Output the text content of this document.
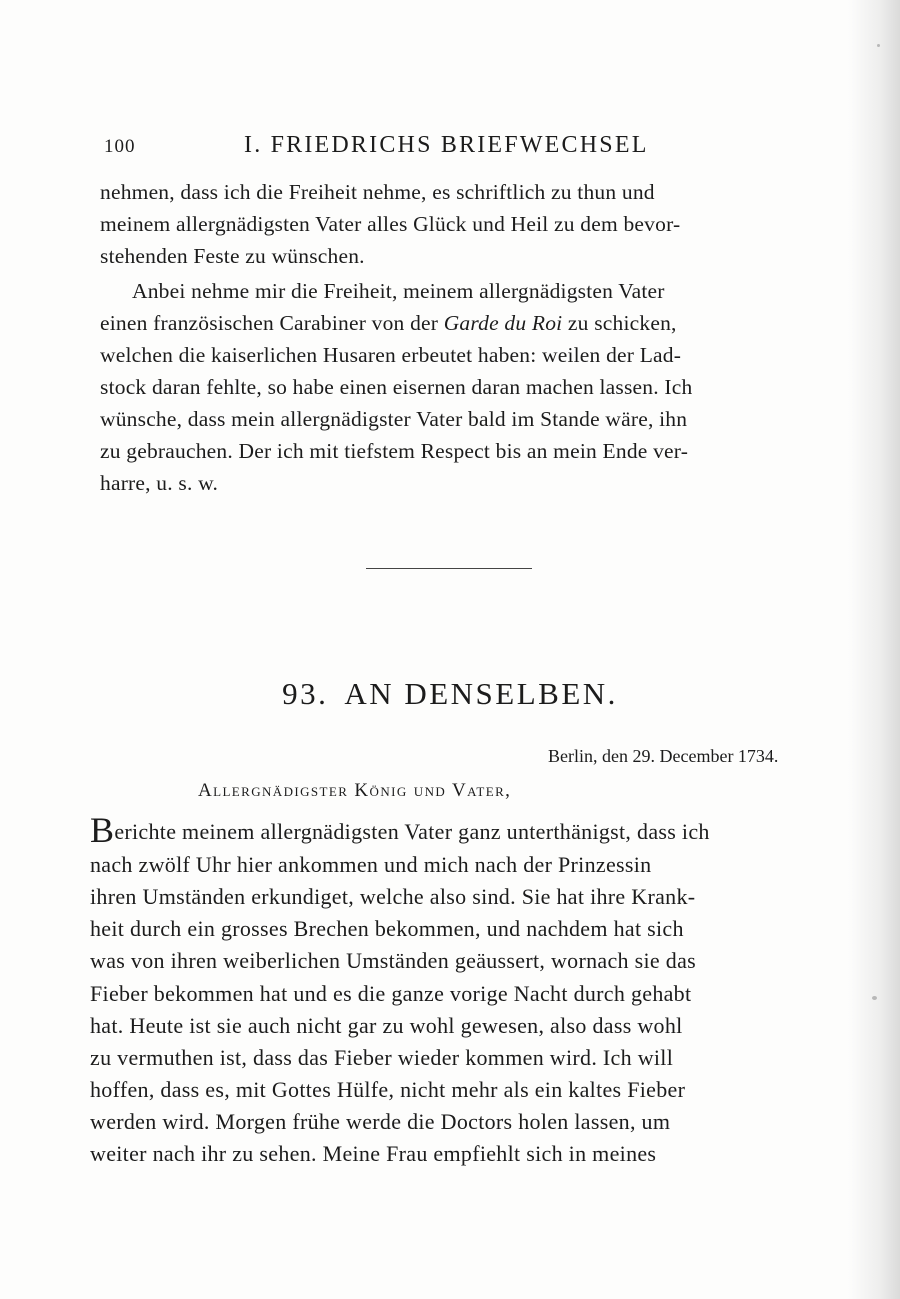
100	I. FRIEDRICHS BRIEFWECHSEL
nehmen, dass ich die Freiheit nehme, es schriftlich zu thun und
meinem allergnädigsten Vater alles Glück und Heil zu dem bevor-
stehenden Feste zu wünschen.
Anbei nehme mir die Freiheit, meinem allergnädigsten Vater
einen französischen Carabiner von der Garde du Roi zu schicken,
welchen die kaiserlichen Husaren erbeutet haben: weilen der Lad-
stock daran fehlte, so habe einen eisernen daran machen lassen. Ich
wünsche, dass mein allergnädigster Vater bald im Stande wäre, ihn
zu gebrauchen. Der ich mit tiefstem Respect bis an mein Ende ver-
harre, u. s. w.
93. AN DENSELBEN.
Berlin, den 29. December 1734.
Allergnädigster König und Vater,
Berichte meinem allergnädigsten Vater ganz unterthänigst, dass ich
nach zwölf Uhr hier ankommen und mich nach der Prinzessin
ihren Umständen erkundiget, welche also sind. Sie hat ihre Krank-
heit durch ein grosses Brechen bekommen, und nachdem hat sich
was von ihren weiberlichen Umständen geäussert, wornach sie das
Fieber bekommen hat und es die ganze vorige Nacht durch gehabt
hat. Heute ist sie auch nicht gar zu wohl gewesen, also dass wohl
zu vermuthen ist, dass das Fieber wieder kommen wird. Ich will
hoffen, dass es, mit Gottes Hülfe, nicht mehr als ein kaltes Fieber
werden wird. Morgen frühe werde die Doctors holen lassen, um
weiter nach ihr zu sehen. Meine Frau empfiehlt sich in meines
